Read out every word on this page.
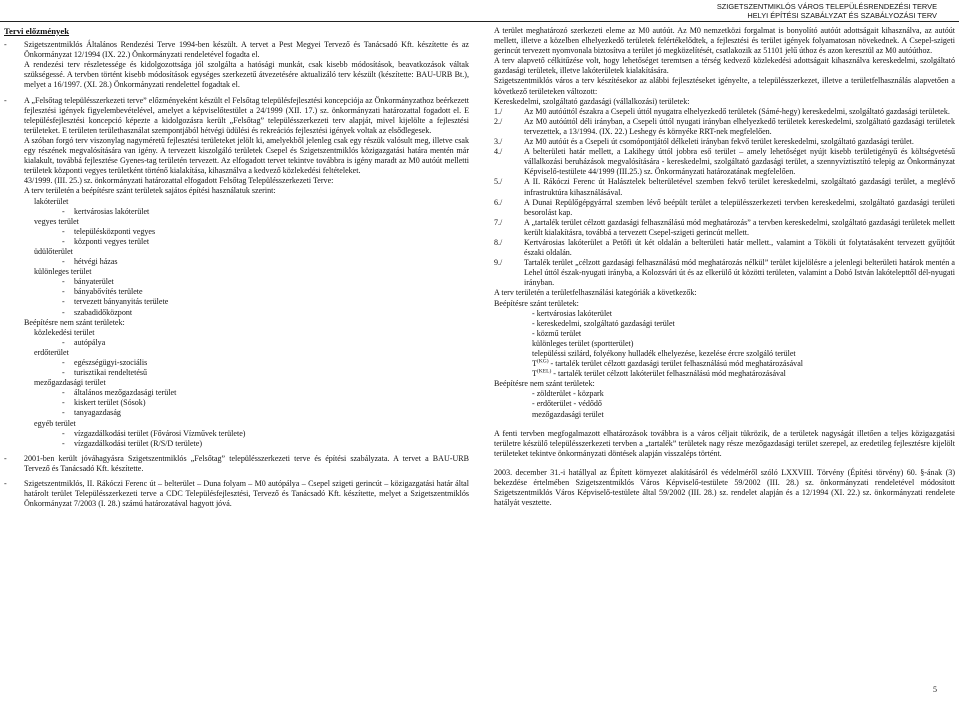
SZIGETSZENTMIKLÓS VÁROS TELEPÜLÉSRENDEZÉSI TERVE
HELYI ÉPÍTÉSI SZABÁLYZAT ÉS SZABÁLYOZÁSI TERV
Tervi előzmények
-	Szigetszentmiklós Általános Rendezési Terve 1994-ben készült. A tervet a Pest Megyei Tervező és Tanácsadó Kft. készítette és az Önkormányzat 12/1994 (IX. 22.) Önkormányzati rendeletével fogadta el.

A rendezési terv részletessége és kidolgozottsága jól szolgálta a hatósági munkát, csak kisebb módosítások, beavatkozások váltak szükségessé. A tervben történt kisebb módosítások egységes szerkezetű átvezetésére aktualizáló terv készült (készítette: BAU-URB Bt.), melyet a 16/1997. (XI. 28.) Önkormányzati rendelettel fogadtak el.

-	A „Felsőtag településszerkezeti terve” előzményeként készült el Felsőtag településfejlesztési koncepciója az Önkormányzathoz beérkezett fejlesztési igények figyelembevételével, amelyet a képviselőtestület a 24/1999 (XII. 17.) sz. önkormányzati határozattal fogadott el. E településfejlesztési koncepció képezte a kidolgozásra került „Felsőtag” településszerkezeti terv alapját, mivel kijelölte a fejlesztési területeket. E területen területhasználat szempontjából hétvégi üdülési és rekreációs fejlesztési igények voltak az elsődlegesek.

A szóban forgó terv viszonylag nagyméretű fejlesztési területeket jelölt ki, amelyekből jelenleg csak egy részük valósult meg, illetve csak egy részének megvalósítására van igény. A tervezett kiszolgáló területek Csepel és Szigetszentmiklós közigazgatási határa mentén már kialakult, továbbá fejlesztése Gyenes-tag területén tervezett. Az elfogadott tervet tekintve továbbra is igény maradt az M0 autóút melletti területek központi vegyes területként történő kialakítása, kihasználva a kedvező közlekedési feltételeket.

43/1999. (III. 25.) sz. önkormányzati határozattal elfogadott Felsőtag Településszerkezeti Terve:

A terv területén a beépítésre szánt területek sajátos építési használatuk szerint:

lakóterület
- kertvárosias lakóterület
vegyes terület
- településközponti vegyes
- központi vegyes terület
üdülőterület
- hétvégi házas
különleges terület
- bányaterület
- bányabővítés területe
- tervezett bányanyitás területe
- szabadidőközpont

Beépítésre nem szánt területek:

közlekedési terület
- autópálya
erdőterület
- egészségügyi-szociális
- turisztikai rendeltetésű
mezőgazdasági terület
- általános mezőgazdasági terület
- kiskert terület (Sósok)
- tanyagazdaság
egyéb terület
- vízgazdálkodási terület (Fővárosi Vízművek területe)
- vízgazdálkodási terület (R/S/D területe)
-	2001-ben került jóváhagyásra Szigetszentmiklós „Felsőtag” településszerkezeti terve és építési szabályzata. A tervet a BAU-URB Tervező és Tanácsadó Kft. készítette.

-	Szigetszentmiklós, II. Rákóczi Ferenc út – belterület – Duna folyam – M0 autópálya – Csepel szigeti gerincút – közigazgatási határ által határolt terület Településszerkezeti terve a CDC Településfejlesztési, Tervező és Tanácsadó Kft. készítette, melyet a Szigetszentmiklós Önkormányzat 7/2003 (I. 28.) számú határozatával hagyott jóvá.

A terület meghatározó szerkezeti eleme az M0 autóút. Az M0 nemzetközi forgalmat is bonyolító autóút adottságait kihasználva, az autóút mellett, illetve a közelben elhelyezkedő területek felértékelődtek, a fejlesztési és terület igények folyamatosan növekednek. A Csepel-szigeti gerincút tervezett nyomvonala biztosítva a terület jó megközelítését, csatlakozik az 51101 jelű úthoz és azon keresztül az M0 autóúthoz.

A terv alapvető célkitűzése volt, hogy lehetőséget teremtsen a térség kedvező közlekedési adottságait kihasználva kereskedelmi, szolgáltató gazdasági területek, illetve lakóterületek kialakítására.

Szigetszentmiklós város a terv készítésekor az alábbi fejlesztéseket igényelte, a településszerkezet, illetve a területfelhasználás alapvetően a következő területeken változott:

Kereskedelmi, szolgáltató gazdasági (vállalkozási) területek:

1./	Az M0 autóúttól északra a Csepeli úttól nyugatra elhelyezkedő területek (Sámé-hegy) kereskedelmi, szolgáltató gazdasági területek.
2./	Az M0 autóúttól déli irányban, a Csepeli úttól nyugati irányban elhelyezkedő területek kereskedelmi, szolgáltató gazdasági területek tervezettek, a 13/1994. (IX. 22.) Leshegy és környéke RRT-nek megfelelően.
3./	Az M0 autóút és a Csepeli út csomópontjától délkeleti irányban fekvő terület kereskedelmi, szolgáltató gazdasági terület.
4./	A belterületi határ mellett, a Lakihegy úttól jobbra eső terület – amely lehetőséget nyújt kisebb területigényű és költségvetésű vállalkozási beruházások megvalósítására - kereskedelmi, szolgáltató gazdasági terület, a szennyvíztisztító telepig az Önkormányzat Képviselő-testülete 44/1999 (III.25.) sz. Önkormányzati határozatának megfelelően.
5./	A II. Rákóczi Ferenc út Halásztelek belterületével szemben fekvő terület kereskedelmi, szolgáltató gazdasági terület, a meglévő infrastruktúra kihasználásával.
6./	A Dunai Repülőgépgyárral szemben lévő beépült terület a településszerkezeti tervben kereskedelmi, szolgáltató gazdasági területi besorolást kap.
7./	A „tartalék terület célzott gazdasági felhasználású mód meghatározás” a tervben kereskedelmi, szolgáltató gazdasági területek mellett került kialakításra, továbbá a tervezett Csepel-szigeti gerincút mellett.
8./	Kertvárosias lakóterület a Petőfi út két oldalán a belterületi határ mellett., valamint a Tököli út folytatásaként tervezett gyűjtőút északi oldalán.
9./	Tartalék terület „célzott gazdasági felhasználású mód meghatározás nélkül” terület kijelölésre a jelenlegi belterületi határok mentén a Lehel úttól észak-nyugati irányba, a Kolozsvári út és az elkerülő út közötti területen, valamint a Dobó István lakótelepttől dél-nyugati irányban.

A terv területén a területfelhasználási kategóriák a következők:

Beépítésre szánt területek:

- kertvárosias lakóterület
- kereskedelmi, szolgáltató gazdasági terület
- közmű terület
különleges terület (sportterület)
településsi szilárd, folyékony hulladék elhelyezése, kezelése ércre szolgáló terület
$T^{(KG)}$ - tartalék terület célzott gazdasági terület felhasználású mód meghatározásával
$T^{(KEL)}$ - tartalék terület célzott lakóterület felhasználású mód meghatározásával

Beépítésre nem szánt területek:

- zöldterület - közpark
- erdőterület - védődő
mezőgazdasági terület

A fenti tervben megfogalmazott elhatározások továbbra is a város céljait tükrözik, de a területek nagyságát illetően a teljes közigazgatási területre készülő településszerkezeti tervben a „tartalék” területek nagy része mezőgazdasági terület szerepel, az eredetileg fejlesztésre kijelölt területeket tekintve önkormányzati döntések alapján visszaléps történt.

2003. december 31.-i hatállyal az Épített környezet alakításáról és védelméről szóló LXXVIII. Törvény (Építési törvény) 60. §-ának (3) bekezdése értelmében Szigetszentmiklós Város Képviselő-testülete 59/2002 (III. 28.) sz. önkormányzati rendeletével módosított Szigetszentmiklós Város Képviselő-testülete által 59/2002 (III. 28.) sz. rendelet alapján és a 12/1994 (XI. 22.) sz. önkormányzati rendelete hatályát vesztette.

5
